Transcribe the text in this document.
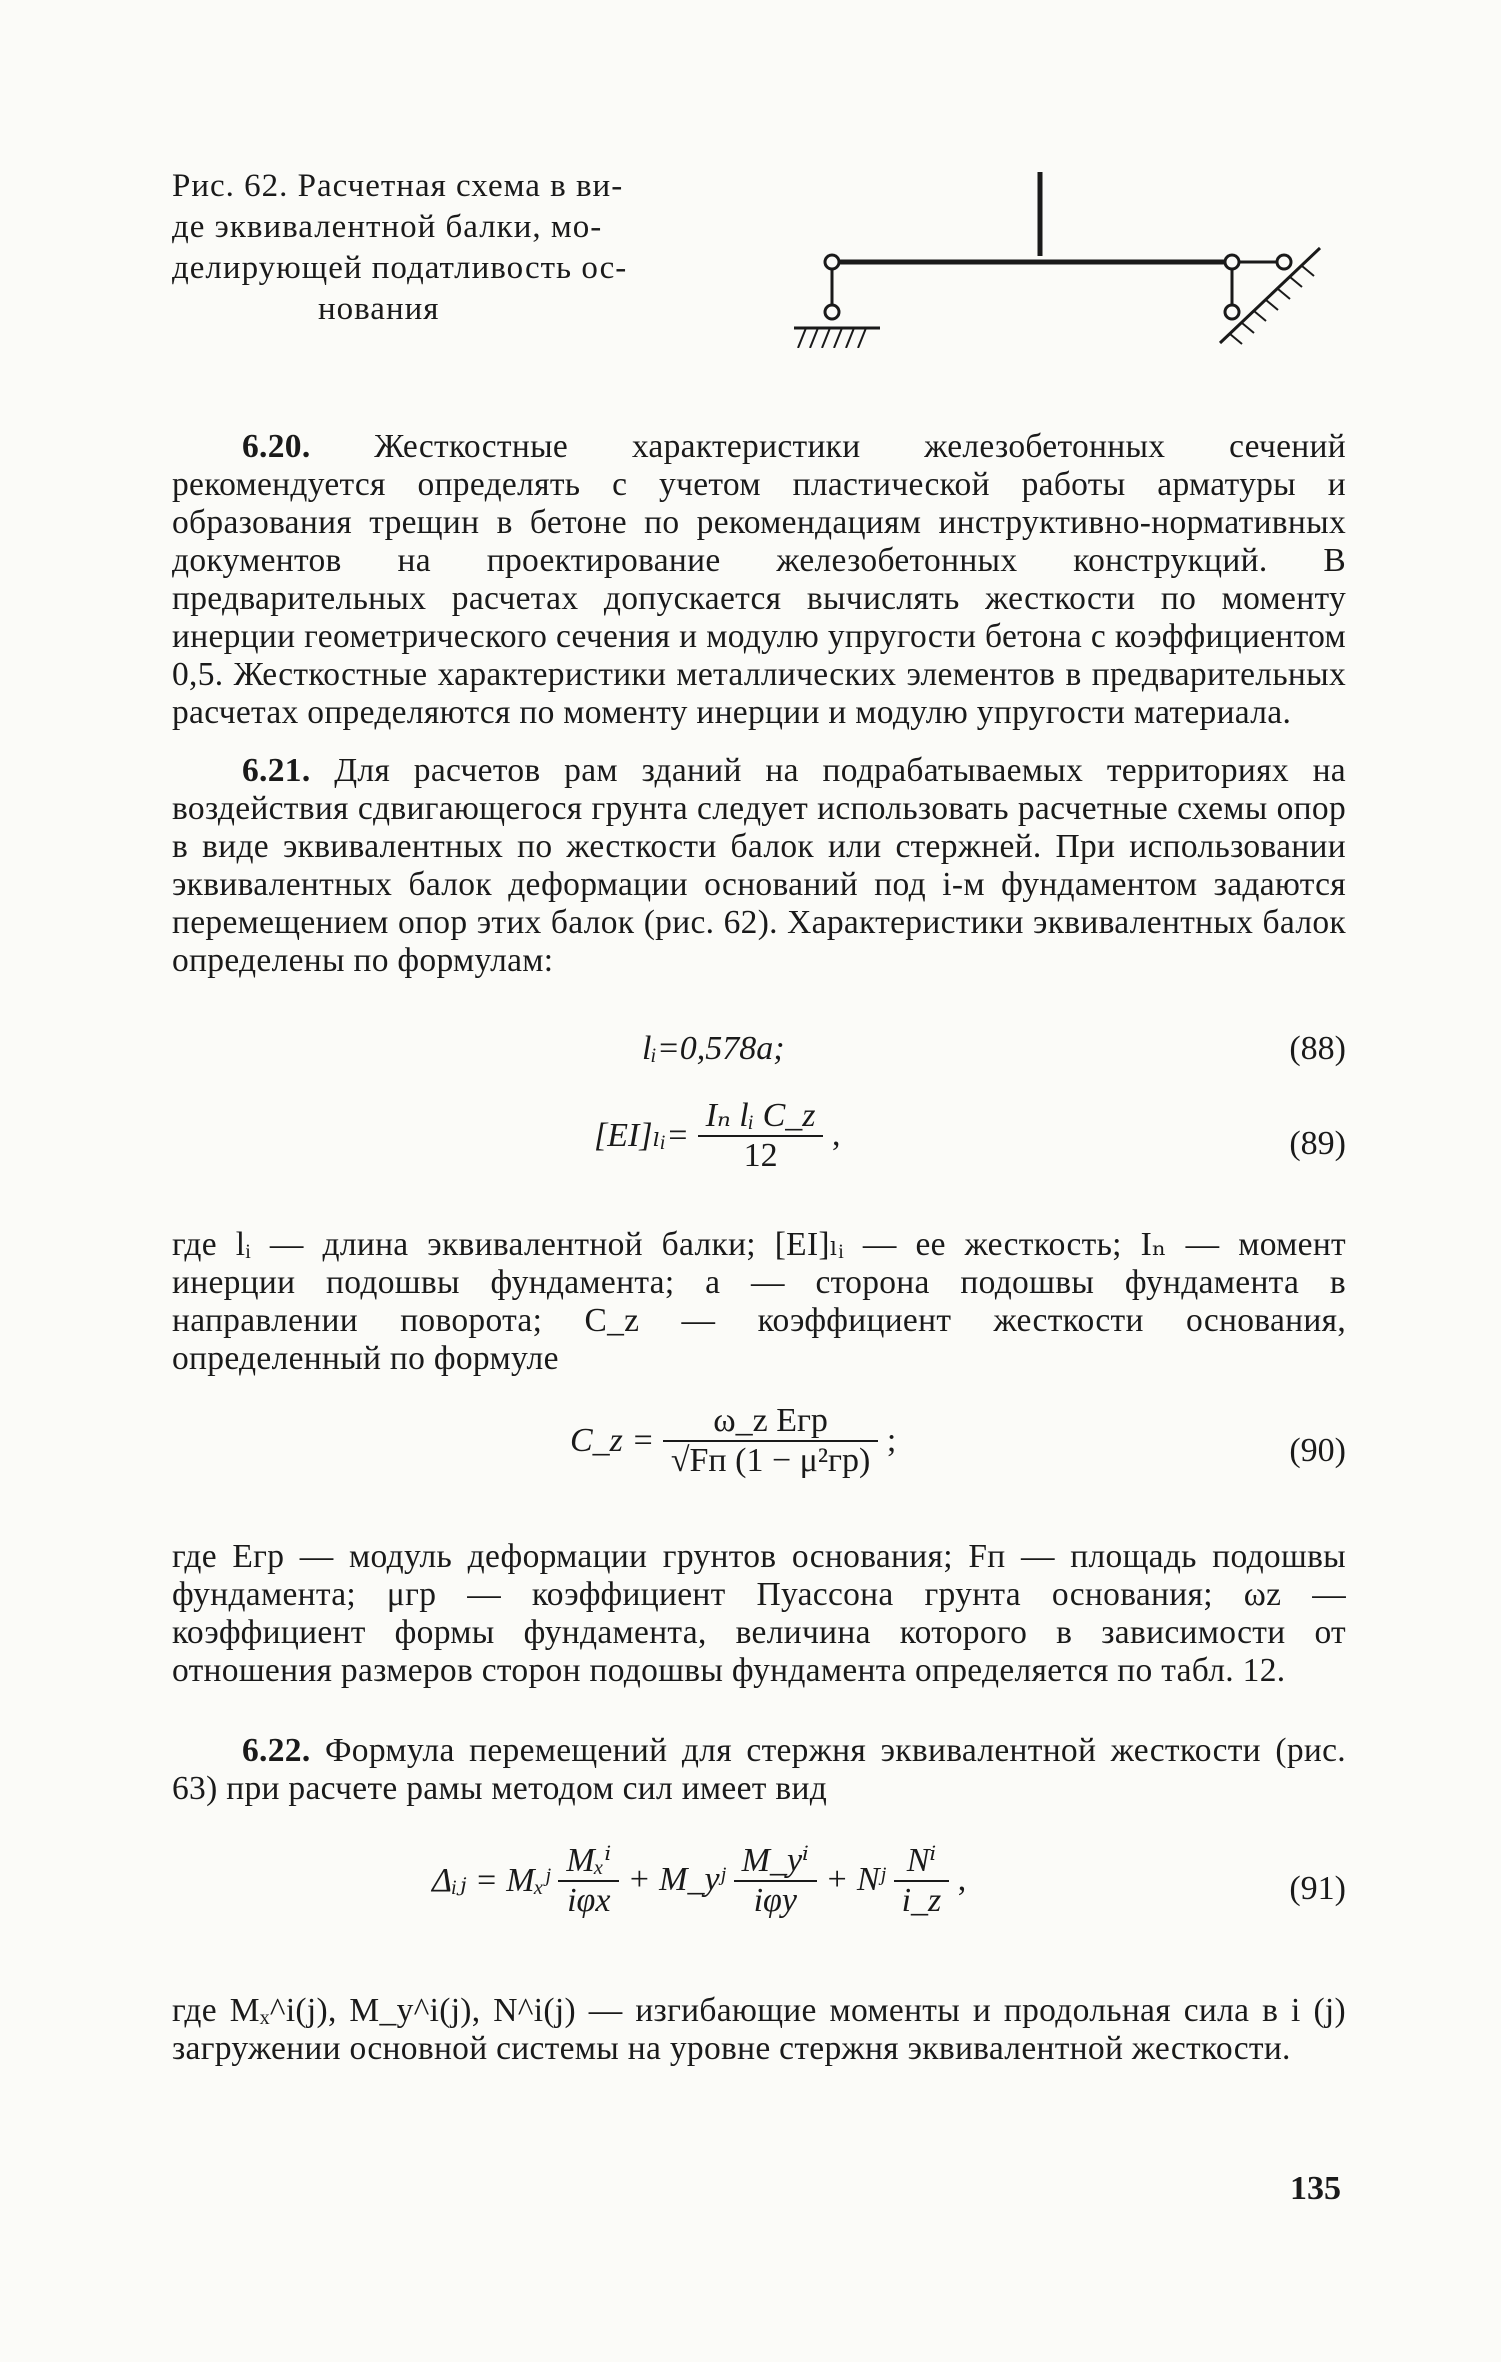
Рис. 62. Расчетная схема в ви-
де эквивалентной балки, мо-
делирующей податливость ос-
нования
6.20. Жесткостные характеристики железобетонных сечений рекомендуется определять с учетом пластической работы арматуры и образования трещин в бетоне по рекомендациям инструктивно-нормативных документов на проектирование железобетонных конструкций. В предварительных расчетах допускается вычислять жесткости по моменту инерции геометрического сечения и модулю упругости бетона с коэффициентом 0,5. Жесткостные характеристики металлических элементов в предварительных расчетах определяются по моменту инерции и модулю упругости материала.
6.21. Для расчетов рам зданий на подрабатываемых территориях на воздействия сдвигающегося грунта следует использовать расчетные схемы опор в виде эквивалентных по жесткости балок или стержней. При использовании эквивалентных балок деформации оснований под i-м фундаментом задаются перемещением опор этих балок (рис. 62). Характеристики эквивалентных балок определены по формулам:
lᵢ=0,578a;	(88)
[EI]ₗᵢ= $\frac{\text{Iₙ lᵢ C\_z}}{12}$ ,	(89)
где lᵢ — длина эквивалентной балки; [EI]ₗᵢ — ее жесткость; Iₙ — момент инерции подошвы фундамента; a — сторона подошвы фундамента в направлении поворота; C_z — коэффициент жесткости основания, определенный по формуле
C_z = $\frac{\text{ω\_z Eгр}}{\text{√Fп (1 − μ²гр)}}$ ;	(90)
где Eгр — модуль деформации грунтов основания; Fп — площадь подошвы фундамента; μгр — коэффициент Пуассона грунта основания; ωz — коэффициент формы фундамента, величина которого в зависимости от отношения размеров сторон подошвы фундамента определяется по табл. 12.
6.22. Формула перемещений для стержня эквивалентной жесткости (рис. 63) при расчете рамы методом сил имеет вид
Δᵢⱼ = Mₓʲ $\frac{\text{Mₓⁱ}}{\text{iφx}}$ + M_yʲ $\frac{\text{M\_yⁱ}}{\text{iφy}}$ + Nʲ $\frac{\text{Nⁱ}}{i\_z}$ ,	(91)
где Mₓ^i(j), M_y^i(j), N^i(j) — изгибающие моменты и продольная сила в i (j) загружении основной системы на уровне стержня эквивалентной жесткости.
135
